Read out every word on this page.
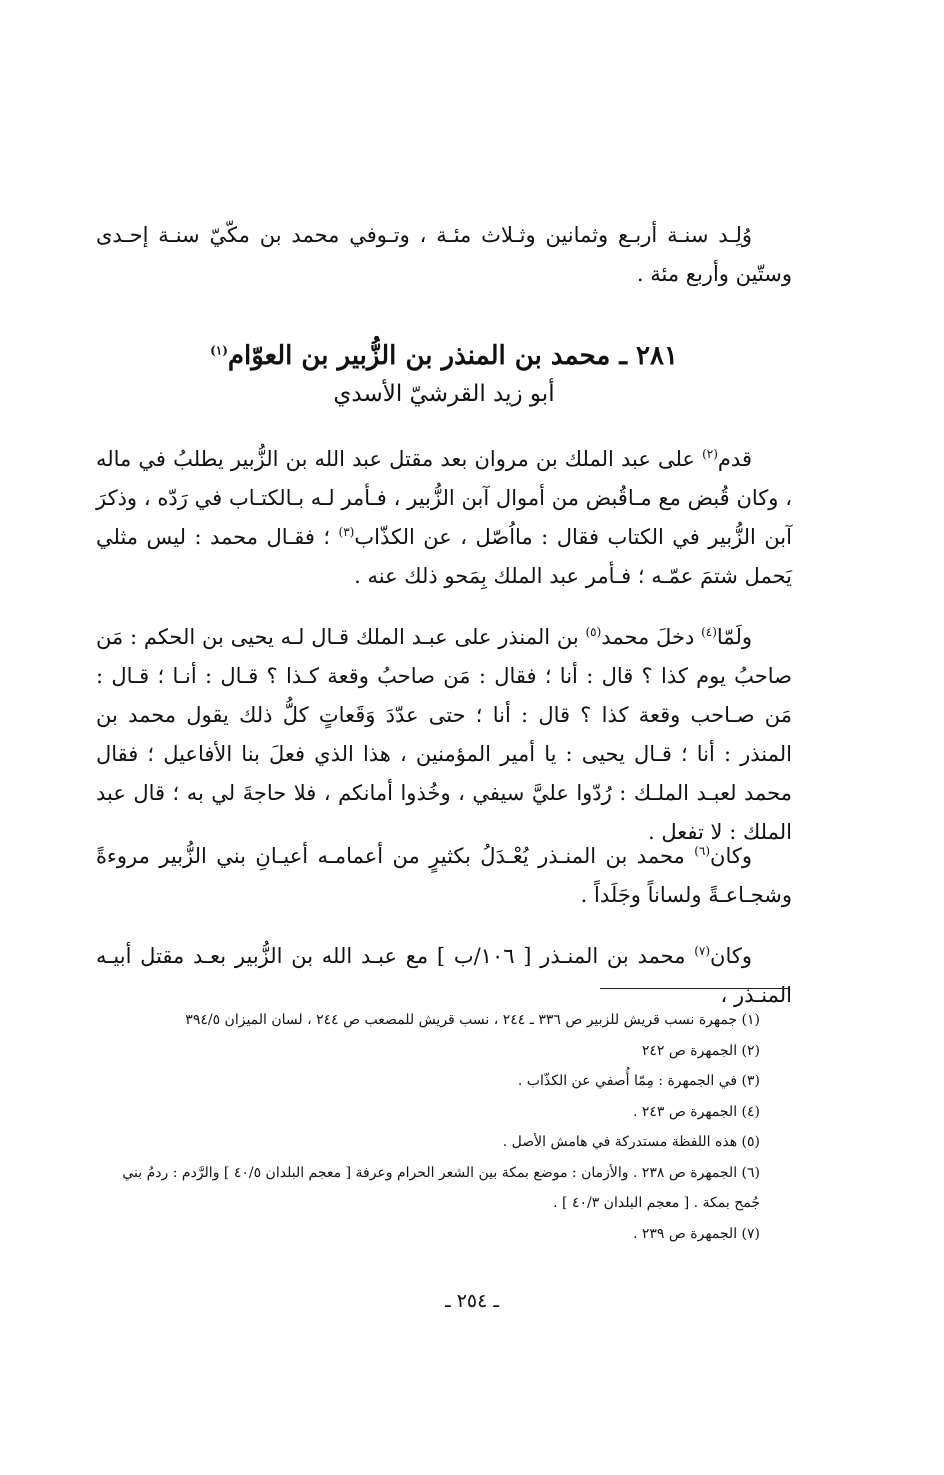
وُلِـد سنـة أربـع وثمانين وثـلاث مئـة ، وتـوفي محمد بن مكّيّ سنـة إحـدى وستّين وأربع مئة .

٢٨١ ـ محمد بن المنذر بن الزُّبير بن العوّام$^{(١)}$
أبو زيد القرشيّ الأسدي

قدم$^{(٢)}$ على عبد الملك بن مروان بعد مقتل عبد الله بن الزُّبير يطلبُ في ماله ، وكان قُبض مع مـاقُبض من أموال آبن الزُّبير ، فـأمر لـه بـالكتـاب في رَدّه ، وذكرَ آبن الزُّبير في الكتاب فقال : مااُصّل ، عن الكذّاب$^{(٣)}$ ؛ فقـال محمد : ليس مثلي يَحمل شتمَ عمّـه ؛ فـأمر عبد الملك بِمَحو ذلك عنه .

ولَمّا$^{(٤)}$ دخلَ محمد$^{(٥)}$ بن المنذر على عبـد الملك قـال لـه يحيى بن الحكم : مَن صاحبُ يوم كذا ؟ قال : أنا ؛ فقال : مَن صاحبُ وقعة كـذا ؟ قـال : أنـا ؛ قـال : مَن صـاحب وقعة كذا ؟ قال : أنا ؛ حتى عدّدَ وَقَعاتٍ كلُّ ذلك يقول محمد بن المنذر : أنا ؛ قـال يحيى : يا أمير المؤمنين ، هذا الذي فعلَ بنا الأفاعيل ؛ فقال محمد لعبـد الملـك : رُدّوا عليَّ سيفي ، وخُذوا أمانكم ، فلا حاجةَ لي به ؛ قال عبد الملك : لا تفعل .

وكان$^{(٦)}$ محمد بن المنـذر يُعْـدَلُ بكثيرٍ من أعمامـه أعيـانِ بني الزُّبير مروءةً وشجـاعـةً ولساناً وجَلَداً .

وكان$^{(٧)}$ محمد بن المنـذر [ ١٠٦/ب ] مع عبـد الله بن الزُّبير بعـد مقتل أبيـه المنـذر ،

(١) جمهرة نسب قريش للزبير ص ٣٣٦ ـ ٢٤٤ ، نسب قريش للمصعب ص ٢٤٤ ، لسان الميزان ٣٩٤/٥
(٢) الجمهرة ص ٢٤٢
(٣) في الجمهرة : مِمّا أُصفي عن الكذّاب .
(٤) الجمهرة ص ٢٤٣ .
(٥) هذه اللفظة مستدركة في هامش الأصل .
(٦) الجمهرة ص ٢٣٨ . والأزمان : موضع بمكة بين الشعر الحرام وعرفة [ معجم البلدان ٤٠/٥ ] والرَّدم : ردمُ بني جُمح بمكة . [ معجم البلدان ٤٠/٣ ] .
(٧) الجمهرة ص ٢٣٩ .
ـ ٢٥٤ ـ
